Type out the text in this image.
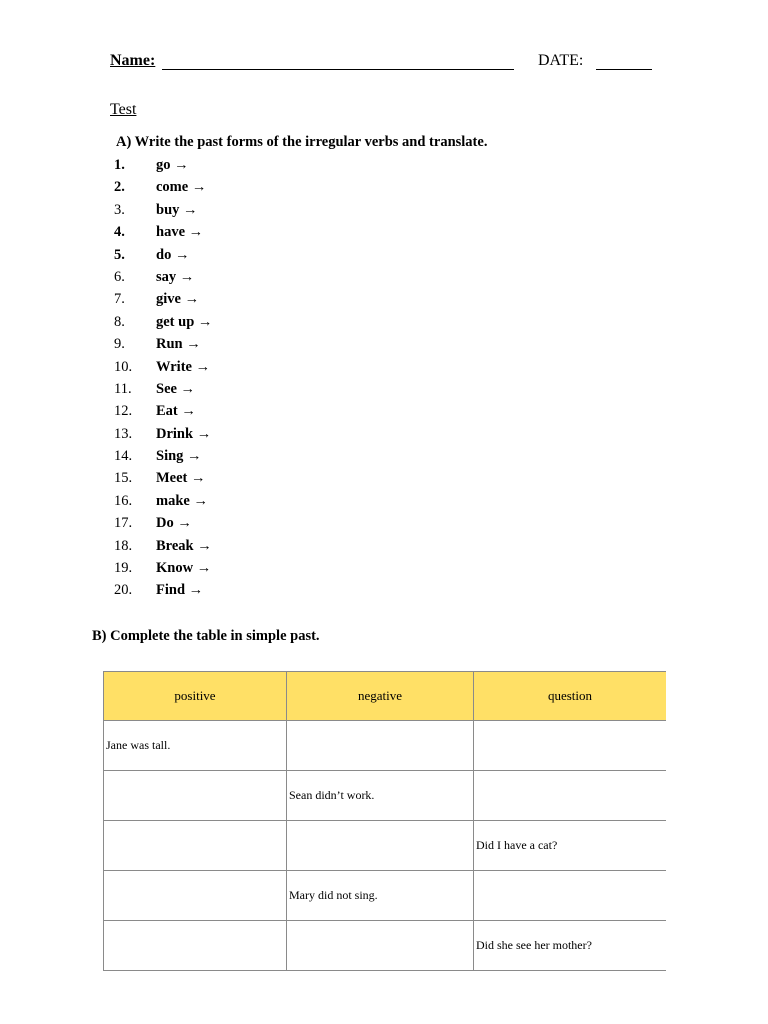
Name:	DATE:
Test
A) Write the past forms of the irregular verbs and translate.
1.	go →
2.	come →
3.	buy →
4.	have →
5.	do →
6.	say →
7.	give →
8.	get up →
9.	Run →
10.	Write →
11.	See →
12.	Eat →
13.	Drink →
14.	Sing →
15.	Meet →
16.	make →
17.	Do →
18.	Break →
19.	Know →
20.	Find →
B) Complete the table in simple past.
positive	negative	question
Jane was tall.		
	Sean didn’t work.	
		Did I have a cat?
	Mary did not sing.	
		Did she see her mother?
